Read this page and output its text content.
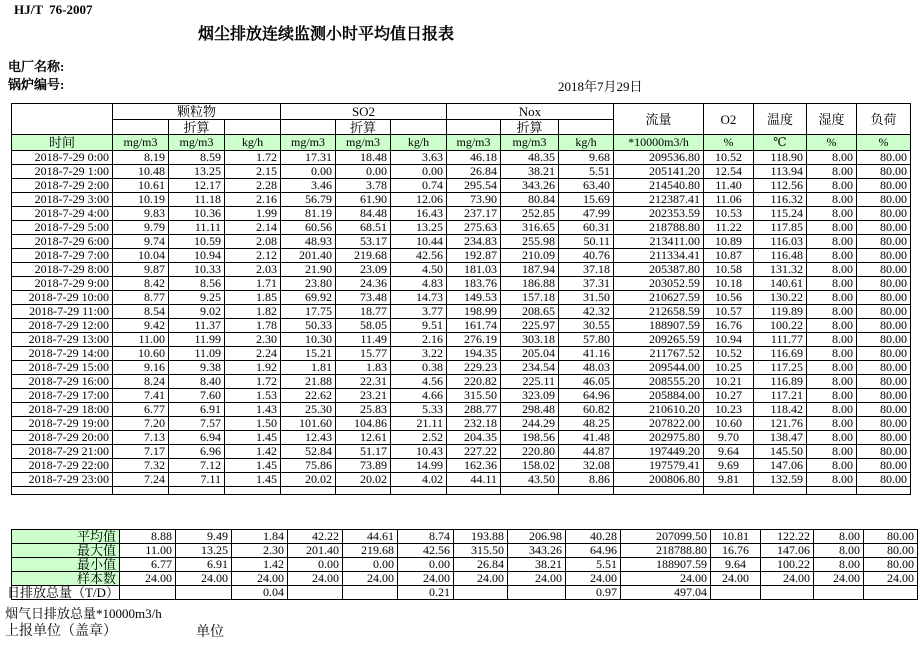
HJ/T  76-2007
烟尘排放连续监测小时平均值日报表
电厂名称:
锅炉编号:	2018年7月29日
	颗粒物			SO2			Nox			流量	O2	温度	湿度	负荷
		折算			折算			折算						
时间	mg/m3	mg/m3	kg/h	mg/m3	mg/m3	kg/h	mg/m3	mg/m3	kg/h	*10000m3/h	%	℃	%	%
2018-7-29 0:00	8.19	8.59	1.72	17.31	18.48	3.63	46.18	48.35	9.68	209536.80	10.52	118.90	8.00	80.00
2018-7-29 1:00	10.48	13.25	2.15	0.00	0.00	0.00	26.84	38.21	5.51	205141.20	12.54	113.94	8.00	80.00
2018-7-29 2:00	10.61	12.17	2.28	3.46	3.78	0.74	295.54	343.26	63.40	214540.80	11.40	112.56	8.00	80.00
2018-7-29 3:00	10.19	11.18	2.16	56.79	61.90	12.06	73.90	80.84	15.69	212387.41	11.06	116.32	8.00	80.00
2018-7-29 4:00	9.83	10.36	1.99	81.19	84.48	16.43	237.17	252.85	47.99	202353.59	10.53	115.24	8.00	80.00
2018-7-29 5:00	9.79	11.11	2.14	60.56	68.51	13.25	275.63	316.65	60.31	218788.80	11.22	117.85	8.00	80.00
2018-7-29 6:00	9.74	10.59	2.08	48.93	53.17	10.44	234.83	255.98	50.11	213411.00	10.89	116.03	8.00	80.00
2018-7-29 7:00	10.04	10.94	2.12	201.40	219.68	42.56	192.87	210.09	40.76	211334.41	10.87	116.48	8.00	80.00
2018-7-29 8:00	9.87	10.33	2.03	21.90	23.09	4.50	181.03	187.94	37.18	205387.80	10.58	131.32	8.00	80.00
2018-7-29 9:00	8.42	8.56	1.71	23.80	24.36	4.83	183.76	186.88	37.31	203052.59	10.18	140.61	8.00	80.00
2018-7-29 10:00	8.77	9.25	1.85	69.92	73.48	14.73	149.53	157.18	31.50	210627.59	10.56	130.22	8.00	80.00
2018-7-29 11:00	8.54	9.02	1.82	17.75	18.77	3.77	198.99	208.65	42.32	212658.59	10.57	119.89	8.00	80.00
2018-7-29 12:00	9.42	11.37	1.78	50.33	58.05	9.51	161.74	225.97	30.55	188907.59	16.76	100.22	8.00	80.00
2018-7-29 13:00	11.00	11.99	2.30	10.30	11.49	2.16	276.19	303.18	57.80	209265.59	10.94	111.77	8.00	80.00
2018-7-29 14:00	10.60	11.09	2.24	15.21	15.77	3.22	194.35	205.04	41.16	211767.52	10.52	116.69	8.00	80.00
2018-7-29 15:00	9.16	9.38	1.92	1.81	1.83	0.38	229.23	234.54	48.03	209544.00	10.25	117.25	8.00	80.00
2018-7-29 16:00	8.24	8.40	1.72	21.88	22.31	4.56	220.82	225.11	46.05	208555.20	10.21	116.89	8.00	80.00
2018-7-29 17:00	7.41	7.60	1.53	22.62	23.21	4.66	315.50	323.09	64.96	205884.00	10.27	117.21	8.00	80.00
2018-7-29 18:00	6.77	6.91	1.43	25.30	25.83	5.33	288.77	298.48	60.82	210610.20	10.23	118.42	8.00	80.00
2018-7-29 19:00	7.20	7.57	1.50	101.60	104.86	21.11	232.18	244.29	48.25	207822.00	10.60	121.76	8.00	80.00
2018-7-29 20:00	7.13	6.94	1.45	12.43	12.61	2.52	204.35	198.56	41.48	202975.80	9.70	138.47	8.00	80.00
2018-7-29 21:00	7.17	6.96	1.42	52.84	51.17	10.43	227.22	220.80	44.87	197449.20	9.64	145.50	8.00	80.00
2018-7-29 22:00	7.32	7.12	1.45	75.86	73.89	14.99	162.36	158.02	32.08	197579.41	9.69	147.06	8.00	80.00
2018-7-29 23:00	7.24	7.11	1.45	20.02	20.02	4.02	44.11	43.50	8.86	200806.80	9.81	132.59	8.00	80.00

平均值	8.88	9.49	1.84	42.22	44.61	8.74	193.88	206.98	40.28	207099.50	10.81	122.22	8.00	80.00
最大值	11.00	13.25	2.30	201.40	219.68	42.56	315.50	343.26	64.96	218788.80	16.76	147.06	8.00	80.00
最小值	6.77	6.91	1.42	0.00	0.00	0.00	26.84	38.21	5.51	188907.59	9.64	100.22	8.00	80.00
样本数	24.00	24.00	24.00	24.00	24.00	24.00	24.00	24.00	24.00	24.00	24.00	24.00	24.00	24.00
日排放总量（T/D）			0.04			0.21			0.97	497.04				
烟气日排放总量*10000m3/h
上报单位（盖章）	单位
